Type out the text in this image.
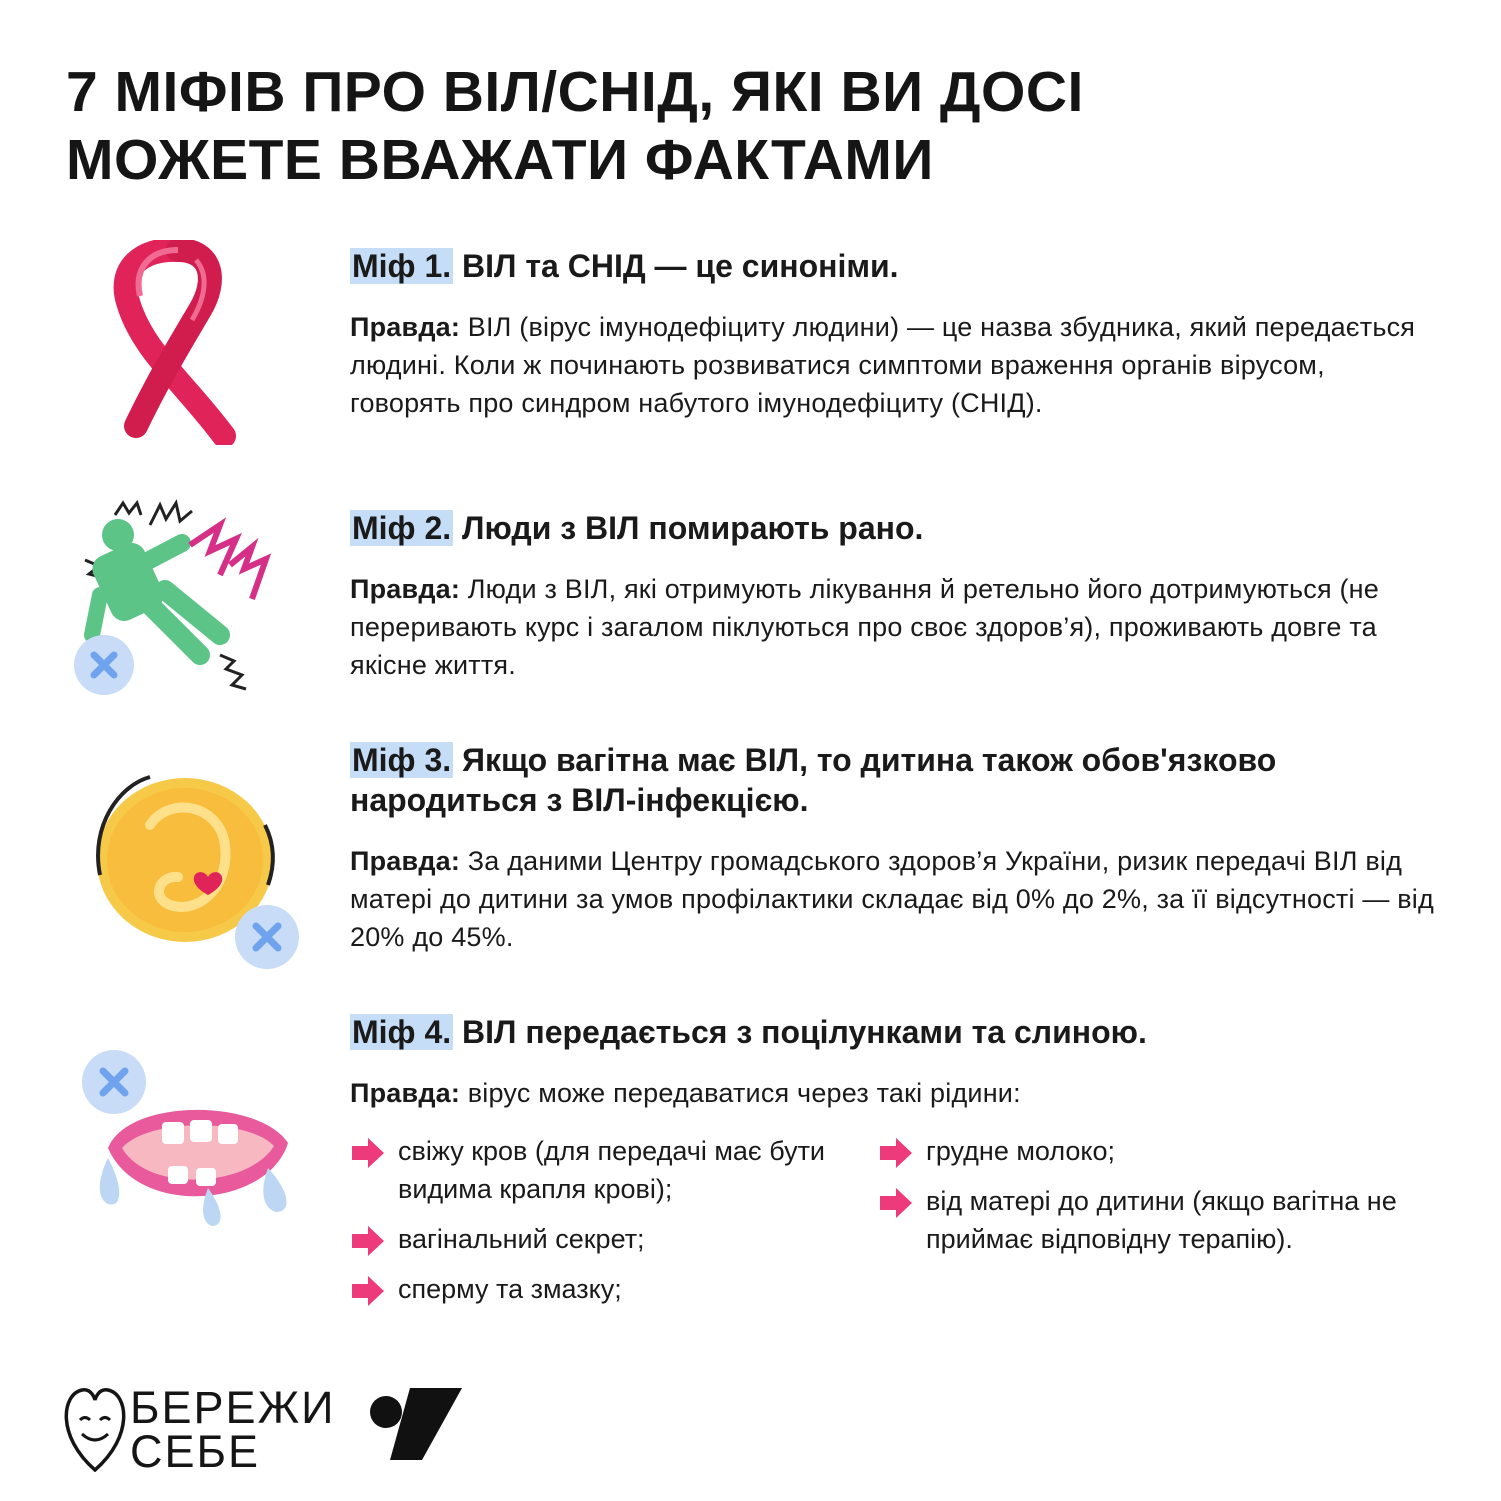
7 МІФІВ ПРО ВІЛ/СНІД, ЯКІ ВИ ДОСІ
МОЖЕТЕ ВВАЖАТИ ФАКТАМИ

Міф 1. ВІЛ та СНІД — це синоніми.

Правда: ВІЛ (вірус імунодефіциту людини) — це назва збудника, який передається людині. Коли ж починають розвиватися симптоми враження органів вірусом, говорять про синдром набутого імунодефіциту (СНІД).

Міф 2. Люди з ВІЛ помирають рано.

Правда: Люди з ВІЛ, які отримують лікування й ретельно його дотримуються (не переривають курс і загалом піклуються про своє здоров’я), проживають довге та якісне життя.

Міф 3. Якщо вагітна має ВІЛ, то дитина також обов'язково народиться з ВІЛ-інфекцією.

Правда: За даними Центру громадського здоров’я України, ризик передачі ВІЛ від матері до дитини за умов профілактики складає від 0% до 2%, за її відсутності — від 20% до 45%.

Міф 4. ВІЛ передається з поцілунками та слиною.

Правда: вірус може передаватися через такі рідини:

свіжу кров (для передачі має бути видима крапля крові);
вагінальний секрет;
сперму та змазку;
грудне молоко;
від матері до дитини (якщо вагітна не приймає відповідну терапію).
БЕРЕЖИ
СЕБЕ
